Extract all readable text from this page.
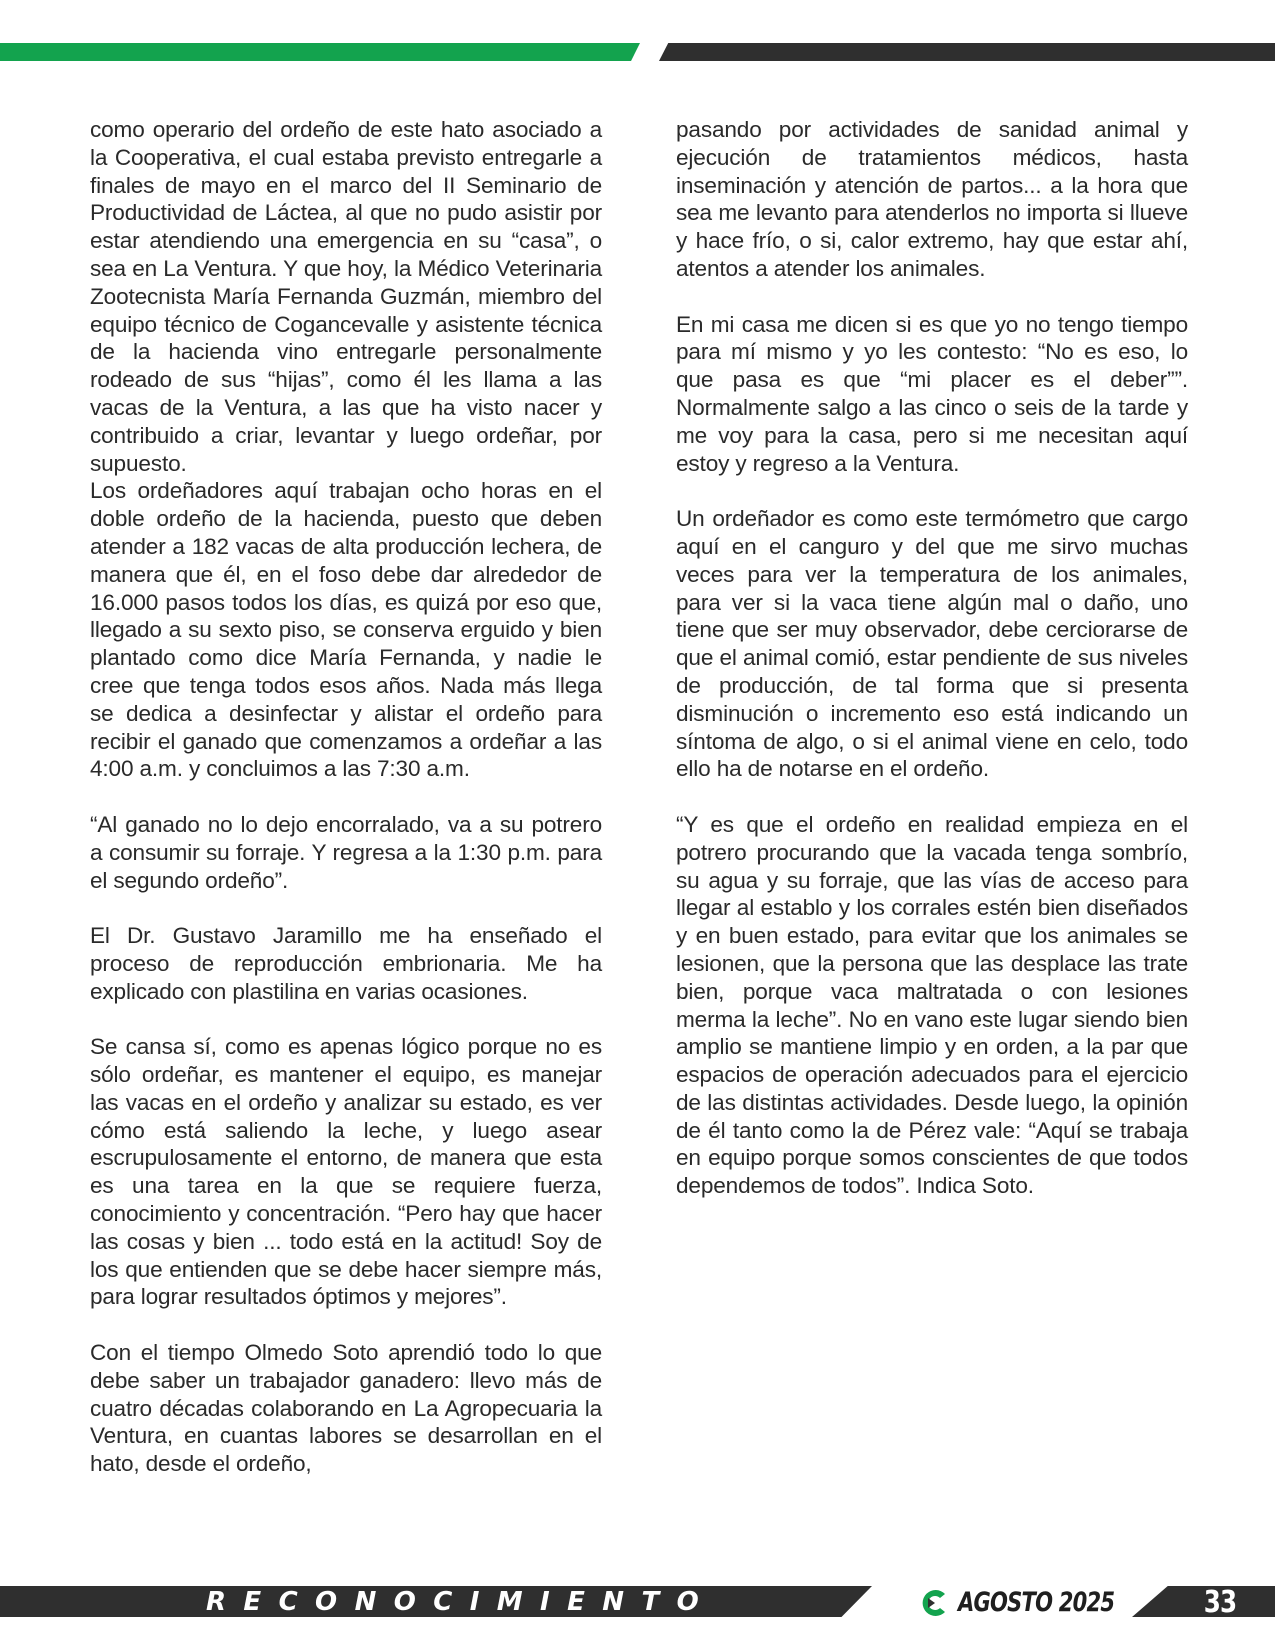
como operario del ordeño de este hato asociado a la Cooperativa, el cual estaba previsto entregarle a finales de mayo en el marco del II Seminario de Productividad de Láctea, al que no pudo asistir por estar atendiendo una emergencia en su “casa”, o sea en La Ventura. Y que hoy, la Médico Veterinaria Zootecnista María Fernanda Guzmán, miembro del equipo técnico de Cogancevalle y asistente técnica de la hacienda vino entregarle personalmente rodeado de sus “hijas”, como él les llama a las vacas de la Ventura, a las que ha visto nacer y contribuido a criar, levantar y luego ordeñar, por supuesto.

Los ordeñadores aquí trabajan ocho horas en el doble ordeño de la hacienda, puesto que deben atender a 182 vacas de alta producción lechera, de manera que él, en el foso debe dar alrededor de 16.000 pasos todos los días, es quizá por eso que, llegado a su sexto piso, se conserva erguido y bien plantado como dice María Fernanda, y nadie le cree que tenga todos esos años. Nada más llega se dedica a desinfectar y alistar el ordeño para recibir el ganado que comenzamos a ordeñar a las 4:00 a.m. y concluimos a las 7:30 a.m.

“Al ganado no lo dejo encorralado, va a su potrero a consumir su forraje. Y regresa a la 1:30 p.m. para el segundo ordeño”.

El Dr. Gustavo Jaramillo me ha enseñado el proceso de reproducción embrionaria. Me ha explicado con plastilina en varias ocasiones.

Se cansa sí, como es apenas lógico porque no es sólo ordeñar, es mantener el equipo, es manejar las vacas en el ordeño y analizar su estado, es ver cómo está saliendo la leche, y luego asear escrupulosamente el entorno, de manera que esta es una tarea en la que se requiere fuerza, conocimiento y concentración. “Pero hay que hacer las cosas y bien ... todo está en la actitud! Soy de los que entienden que se debe hacer siempre más, para lograr resultados óptimos y mejores”.

Con el tiempo Olmedo Soto aprendió todo lo que debe saber un trabajador ganadero: llevo más de cuatro décadas colaborando en La Agropecuaria la Ventura, en cuantas labores se desarrollan en el hato, desde el ordeño,

pasando por actividades de sanidad animal y ejecución de tratamientos médicos, hasta inseminación y atención de partos... a la hora que sea me levanto para atenderlos no importa si llueve y hace frío, o si, calor extremo, hay que estar ahí, atentos a atender los animales.

En mi casa me dicen si es que yo no tengo tiempo para mí mismo y yo les contesto: “No es eso, lo que pasa es que “mi placer es el deber””. Normalmente salgo a las cinco o seis de la tarde y me voy para la casa, pero si me necesitan aquí estoy y regreso a la Ventura.

Un ordeñador es como este termómetro que cargo aquí en el canguro y del que me sirvo muchas veces para ver la temperatura de los animales, para ver si la vaca tiene algún mal o daño, uno tiene que ser muy observador, debe cerciorarse de que el animal comió, estar pendiente de sus niveles de producción, de tal forma que si presenta disminución o incremento eso está indicando un síntoma de algo, o si el animal viene en celo, todo ello ha de notarse en el ordeño.

“Y es que el ordeño en realidad empieza en el potrero procurando que la vacada tenga sombrío, su agua y su forraje, que las vías de acceso para llegar al establo y los corrales estén bien diseñados y en buen estado, para evitar que los animales se lesionen, que la persona que las desplace las trate bien, porque vaca maltratada o con lesiones merma la leche”. No en vano este lugar siendo bien amplio se mantiene limpio y en orden, a la par que espacios de operación adecuados para el ejercicio de las distintas actividades. Desde luego, la opinión de él tanto como la de Pérez vale: “Aquí se trabaja en equipo porque somos conscientes de que todos dependemos de todos”. Indica Soto.

RECONOCIMIENTO	AGOSTO 2025	33
